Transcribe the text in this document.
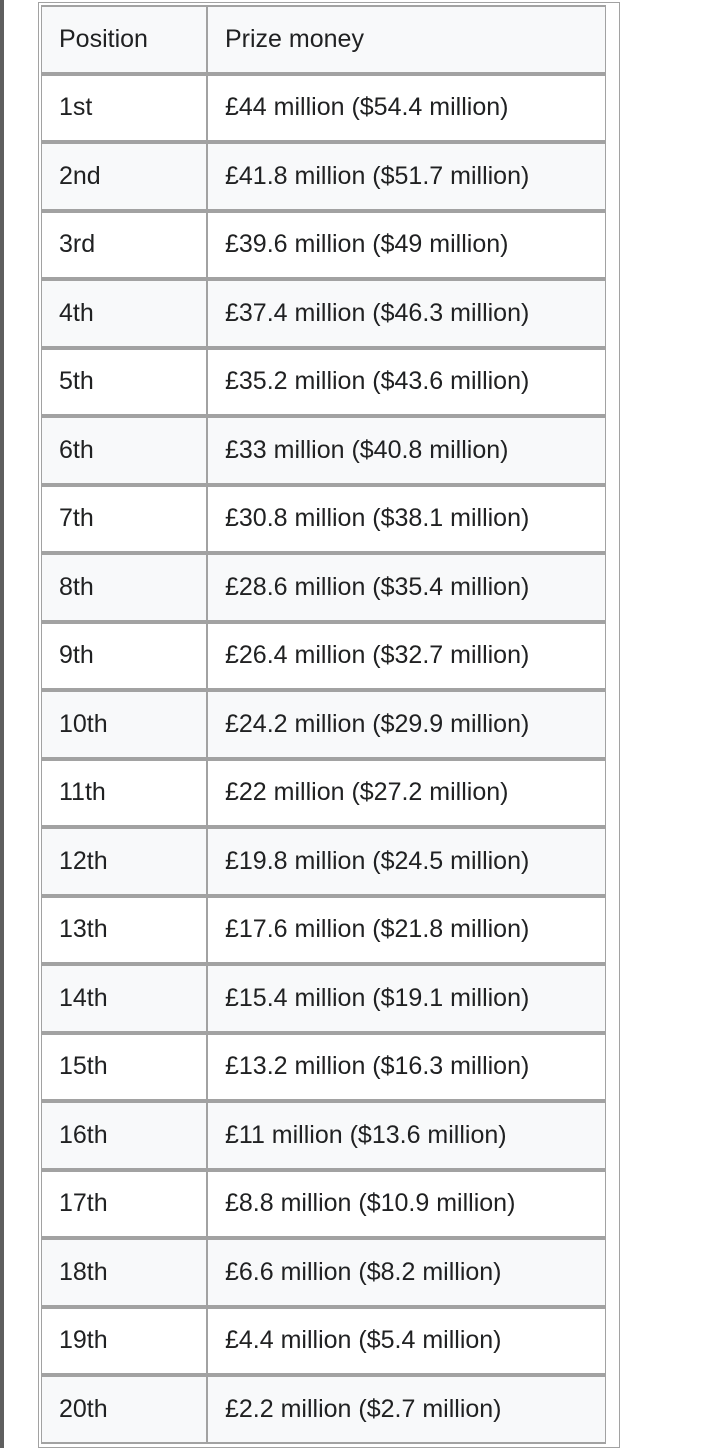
Position	Prize money
1st	£44 million ($54.4 million)
2nd	£41.8 million ($51.7 million)
3rd	£39.6 million ($49 million)
4th	£37.4 million ($46.3 million)
5th	£35.2 million ($43.6 million)
6th	£33 million ($40.8 million)
7th	£30.8 million ($38.1 million)
8th	£28.6 million ($35.4 million)
9th	£26.4 million ($32.7 million)
10th	£24.2 million ($29.9 million)
11th	£22 million ($27.2 million)
12th	£19.8 million ($24.5 million)
13th	£17.6 million ($21.8 million)
14th	£15.4 million ($19.1 million)
15th	£13.2 million ($16.3 million)
16th	£11 million ($13.6 million)
17th	£8.8 million ($10.9 million)
18th	£6.6 million ($8.2 million)
19th	£4.4 million ($5.4 million)
20th	£2.2 million ($2.7 million)
